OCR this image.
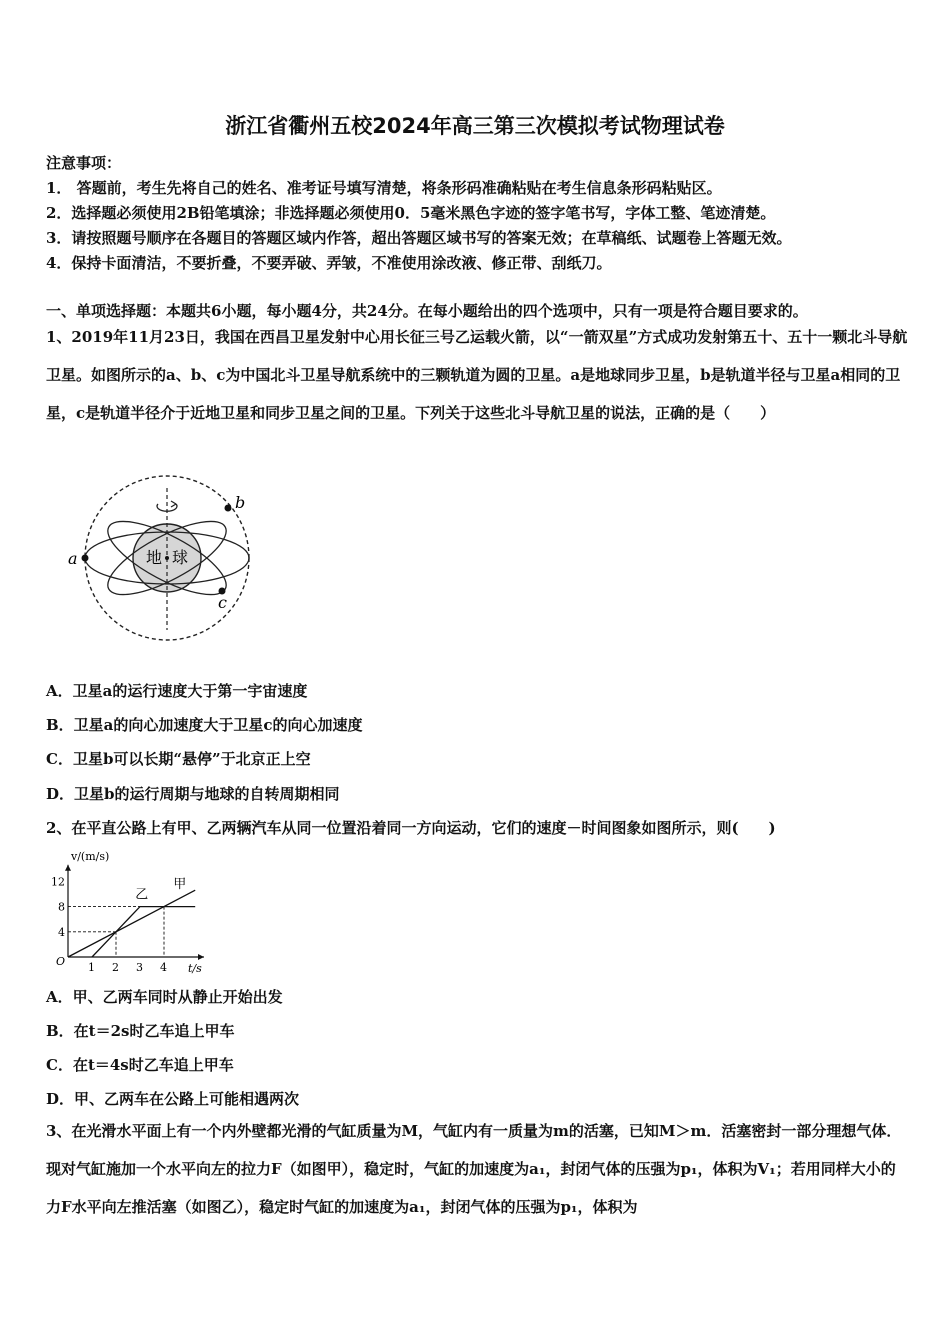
浙江省衢州五校2024年高三第三次模拟考试物理试卷
注意事项：
1． 答题前，考生先将自己的姓名、准考证号填写清楚，将条形码准确粘贴在考生信息条形码粘贴区。
2．选择题必须使用2B铅笔填涂；非选择题必须使用0．5毫米黑色字迹的签字笔书写，字体工整、笔迹清楚。
3．请按照题号顺序在各题目的答题区域内作答，超出答题区域书写的答案无效；在草稿纸、试题卷上答题无效。
4．保持卡面清洁，不要折叠，不要弄破、弄皱，不准使用涂改液、修正带、刮纸刀。
一、单项选择题：本题共6小题，每小题4分，共24分。在每小题给出的四个选项中，只有一项是符合题目要求的。
1、2019年11月23日，我国在西昌卫星发射中心用长征三号乙运载火箭，以“一箭双星”方式成功发射第五十、五十一颗北斗导航卫星。如图所示的a、b、c为中国北斗卫星导航系统中的三颗轨道为圆的卫星。a是地球同步卫星，b是轨道半径与卫星a相同的卫星，c是轨道半径介于近地卫星和同步卫星之间的卫星。下列关于这些北斗导航卫星的说法，正确的是（　　）
地 球
a
b
c
A．卫星a的运行速度大于第一宇宙速度
B．卫星a的向心加速度大于卫星c的向心加速度
C．卫星b可以长期“悬停”于北京正上空
D．卫星b的运行周期与地球的自转周期相同
2、在平直公路上有甲、乙两辆汽车从同一位置沿着同一方向运动，它们的速度－时间图象如图所示，则(　　)
甲
乙
1 2 3 4
4
8
12
O
t/s
v/(m/s)
A．甲、乙两车同时从静止开始出发
B．在t＝2s时乙车追上甲车
C．在t＝4s时乙车追上甲车
D．甲、乙两车在公路上可能相遇两次
3、在光滑水平面上有一个内外壁都光滑的气缸质量为M，气缸内有一质量为m的活塞，已知M＞m．活塞密封一部分理想气体．现对气缸施加一个水平向左的拉力F（如图甲），稳定时，气缸的加速度为a₁，封闭气体的压强为p₁，体积为V₁；若用同样大小的力F水平向左推活塞（如图乙），稳定时气缸的加速度为a₁，封闭气体的压强为p₁，体积为
